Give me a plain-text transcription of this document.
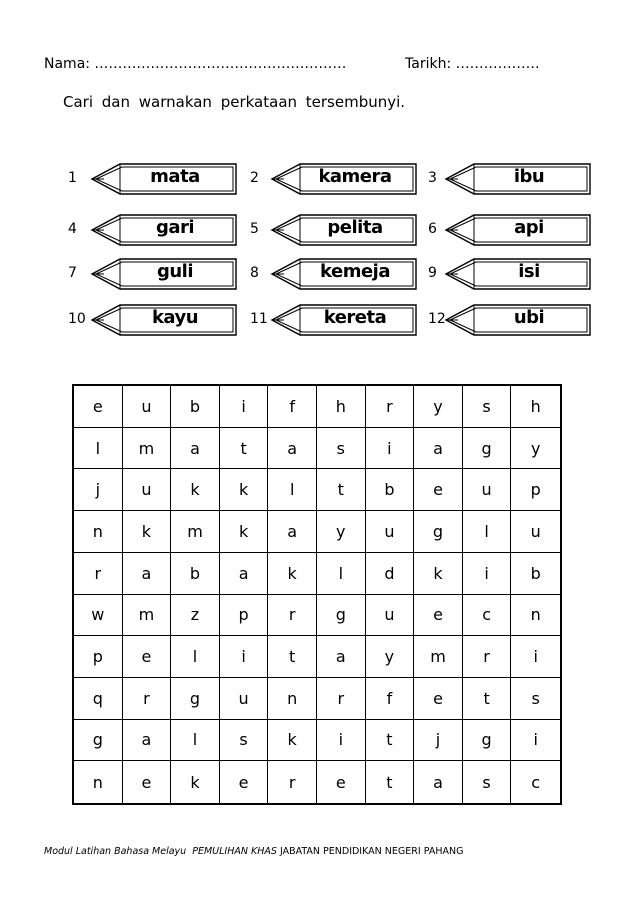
Nama: ………………………………………………	Tarikh: ………………
Cari dan warnakan perkataan tersembunyi.
1	mata	2	kamera	3	ibu
4	gari	5	pelita	6	api
7	guli	8	kemeja	9	isi
10	kayu	11	kereta	12	ubi
e	u	b	i	f	h	r	y	s	h
l	m	a	t	a	s	i	a	g	y
j	u	k	k	l	t	b	e	u	p
n	k	m	k	a	y	u	g	l	u
r	a	b	a	k	l	d	k	i	b
w	m	z	p	r	g	u	e	c	n
p	e	l	i	t	a	y	m	r	i
q	r	g	u	n	r	f	e	t	s
g	a	l	s	k	i	t	j	g	i
n	e	k	e	r	e	t	a	s	c
Modul Latihan Bahasa Melayu PEMULIHAN KHAS JABATAN PENDIDIKAN NEGERI PAHANG
